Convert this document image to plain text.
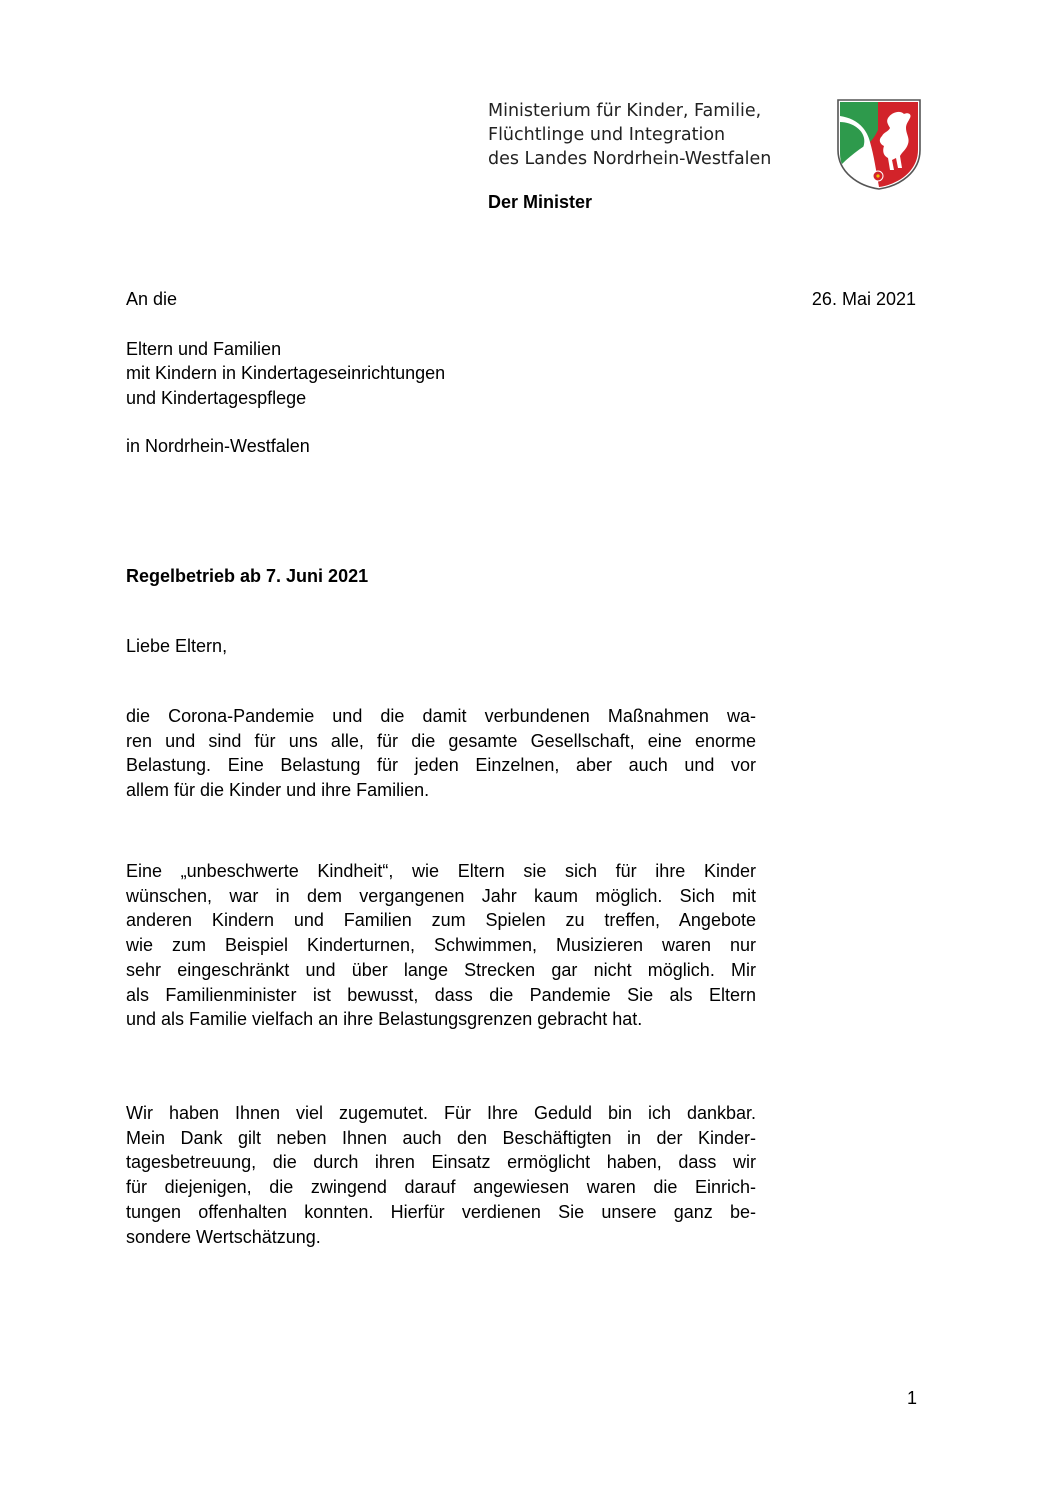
Ministerium für Kinder, Familie,
Flüchtlinge und Integration
des Landes Nordrhein-Westfalen
Der Minister
An die
Eltern und Familien
mit Kindern in Kindertageseinrichtungen
und Kindertagespflege
in Nordrhein-Westfalen
26. Mai 2021
Regelbetrieb ab 7. Juni 2021
Liebe Eltern,
die Corona-Pandemie und die damit verbundenen Maßnahmen wa-
ren und sind für uns alle, für die gesamte Gesellschaft, eine enorme
Belastung. Eine Belastung für jeden Einzelnen, aber auch und vor
allem für die Kinder und ihre Familien.
Eine „unbeschwerte Kindheit“, wie Eltern sie sich für ihre Kinder
wünschen, war in dem vergangenen Jahr kaum möglich. Sich mit
anderen Kindern und Familien zum Spielen zu treffen, Angebote
wie zum Beispiel Kinderturnen, Schwimmen, Musizieren waren nur
sehr eingeschränkt und über lange Strecken gar nicht möglich. Mir
als Familienminister ist bewusst, dass die Pandemie Sie als Eltern
und als Familie vielfach an ihre Belastungsgrenzen gebracht hat.
Wir haben Ihnen viel zugemutet. Für Ihre Geduld bin ich dankbar.
Mein Dank gilt neben Ihnen auch den Beschäftigten in der Kinder-
tagesbetreuung, die durch ihren Einsatz ermöglicht haben, dass wir
für diejenigen, die zwingend darauf angewiesen waren die Einrich-
tungen offenhalten konnten. Hierfür verdienen Sie unsere ganz be-
sondere Wertschätzung.
1
